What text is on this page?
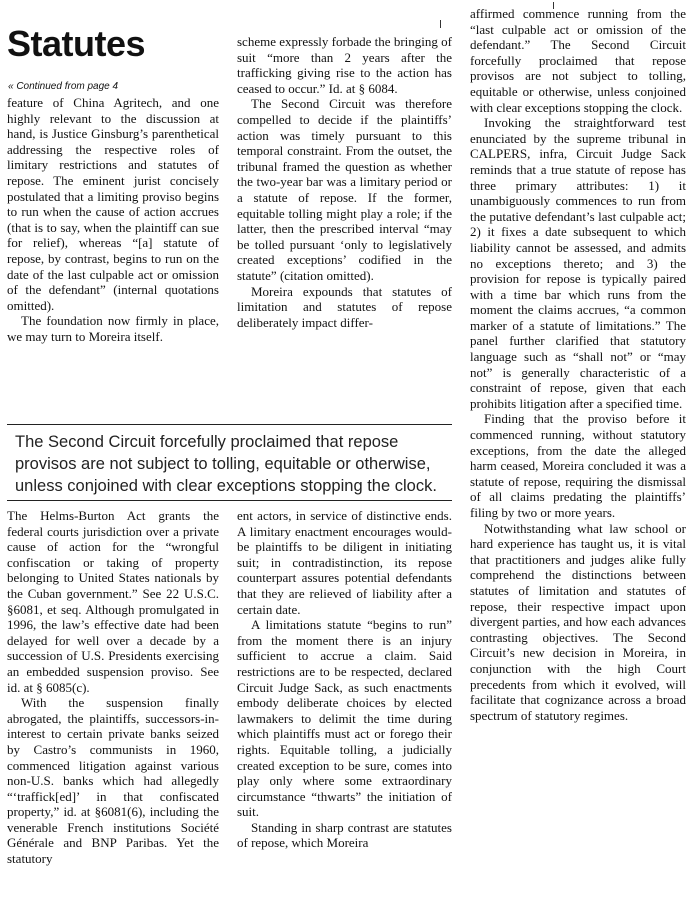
Statutes
« Continued from page 4

feature of China Agritech, and one highly relevant to the discussion at hand, is Justice Ginsburg’s parenthetical addressing the respective roles of limitary restrictions and statutes of repose. The eminent jurist concisely postulated that a limiting proviso begins to run when the cause of action accrues (that is to say, when the plaintiff can sue for relief), whereas “[a] statute of repose, by contrast, begins to run on the date of the last culpable act or omission of the defendant” (internal quotations omitted).

The foundation now firmly in place, we may turn to Moreira itself.

scheme expressly forbade the bringing of suit “more than 2 years after the trafficking giving rise to the action has ceased to occur.” Id. at § 6084.

The Second Circuit was therefore compelled to decide if the plaintiffs’ action was timely pursuant to this temporal constraint. From the outset, the tribunal framed the question as whether the two-year bar was a limitary period or a statute of repose. If the former, equitable tolling might play a role; if the latter, then the prescribed interval “may be tolled pursuant ‘only to legislatively created exceptions’ codified in the statute” (citation omitted).

Moreira expounds that statutes of limitation and statutes of repose deliberately impact differ-

affirmed commence running from the “last culpable act or omission of the defendant.” The Second Circuit forcefully proclaimed that repose provisos are not subject to tolling, equitable or otherwise, unless conjoined with clear exceptions stopping the clock.

Invoking the straightforward test enunciated by the supreme tribunal in CALPERS, infra, Circuit Judge Sack reminds that a true statute of repose has three primary attributes: 1) it unambiguously commences to run from the putative defendant’s last culpable act; 2) it fixes a date subsequent to which liability cannot be assessed, and admits no exceptions thereto; and 3) the provision for repose is typically paired with a time bar which runs from the moment the claims accrues, “a common marker of a statute of limitations.” The panel further clarified that statutory language such as “shall not” or “may not” is generally characteristic of a constraint of repose, given that each prohibits litigation after a specified time.

Finding that the proviso before it commenced running, without statutory exceptions, from the date the alleged harm ceased, Moreira concluded it was a statute of repose, requiring the dismissal of all claims predating the plaintiffs’ filing by two or more years.

Notwithstanding what law school or hard experience has taught us, it is vital that practitioners and judges alike fully comprehend the distinctions between statutes of limitation and statutes of repose, their respective impact upon divergent parties, and how each advances contrasting objectives. The Second Circuit’s new decision in Moreira, in conjunction with the high Court precedents from which it evolved, will facilitate that cognizance across a broad spectrum of statutory regimes.

The Second Circuit forcefully proclaimed that repose provisos are not subject to tolling, equitable or otherwise, unless conjoined with clear exceptions stopping the clock.

The Helms-Burton Act grants the federal courts jurisdiction over a private cause of action for the “wrongful confiscation or taking of property belonging to United States nationals by the Cuban government.” See 22 U.S.C. §6081, et seq. Although promulgated in 1996, the law’s effective date had been delayed for well over a decade by a succession of U.S. Presidents exercising an embedded suspension proviso. See id. at § 6085(c).

With the suspension finally abrogated, the plaintiffs, successors-in-interest to certain private banks seized by Castro’s communists in 1960, commenced litigation against various non-U.S. banks which had allegedly “‘traffick[ed]’ in that confiscated property,” id. at §6081(6), including the venerable French institutions Société Générale and BNP Paribas. Yet the statutory

ent actors, in service of distinctive ends. A limitary enactment encourages would-be plaintiffs to be diligent in initiating suit; in contradistinction, its repose counterpart assures potential defendants that they are relieved of liability after a certain date.

A limitations statute “begins to run” from the moment there is an injury sufficient to accrue a claim. Said restrictions are to be respected, declared Circuit Judge Sack, as such enactments embody deliberate choices by elected lawmakers to delimit the time during which plaintiffs must act or forego their rights. Equitable tolling, a judicially created exception to be sure, comes into play only where some extraordinary circumstance “thwarts” the initiation of suit.

Standing in sharp contrast are statutes of repose, which Moreira
